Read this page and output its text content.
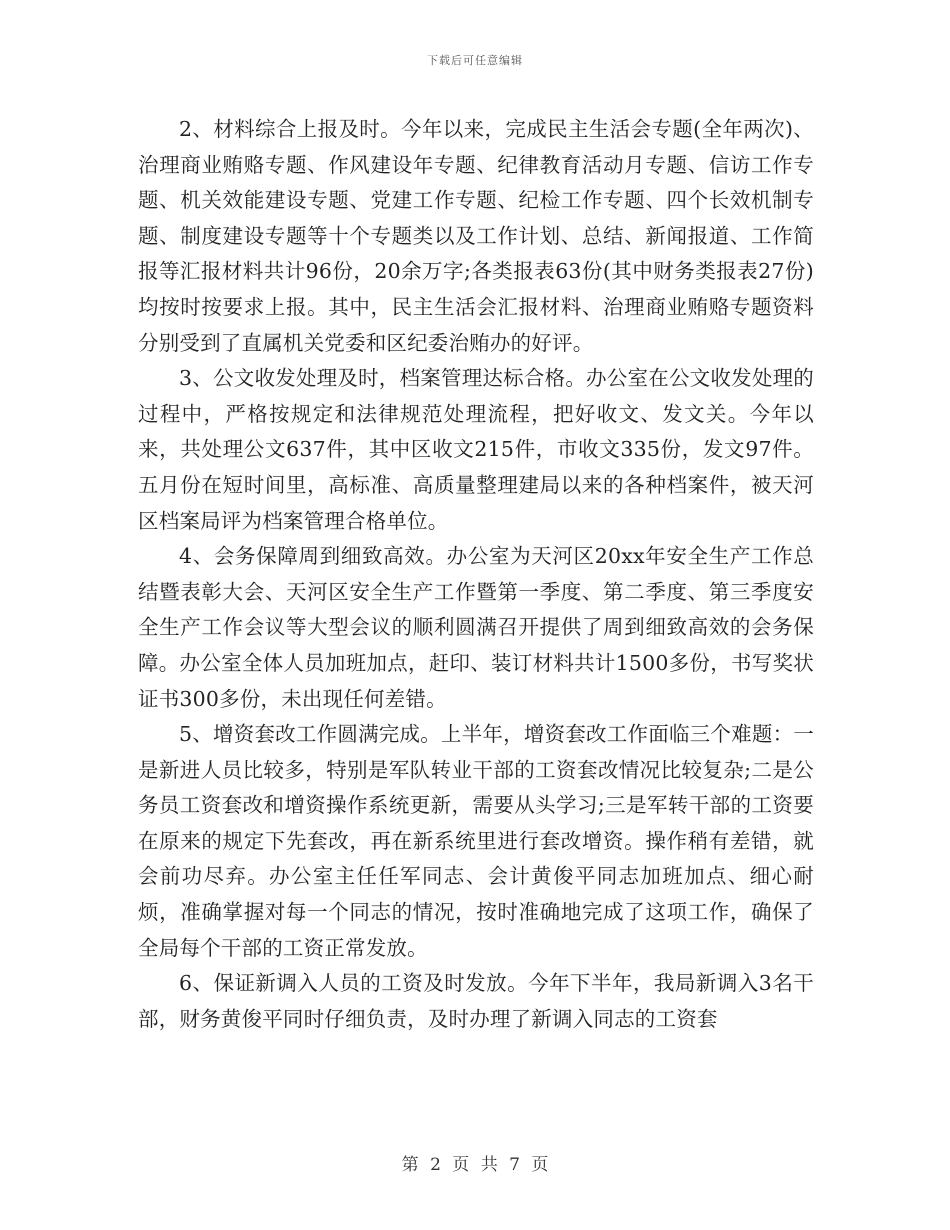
下载后可任意编辑

2、材料综合上报及时。今年以来，完成民主生活会专题(全年两次)、治理商业贿赂专题、作风建设年专题、纪律教育活动月专题、信访工作专题、机关效能建设专题、党建工作专题、纪检工作专题、四个长效机制专题、制度建设专题等十个专题类以及工作计划、总结、新闻报道、工作简报等汇报材料共计96份，20余万字;各类报表63份(其中财务类报表27份)均按时按要求上报。其中，民主生活会汇报材料、治理商业贿赂专题资料分别受到了直属机关党委和区纪委治贿办的好评。

3、公文收发处理及时，档案管理达标合格。办公室在公文收发处理的过程中，严格按规定和法律规范处理流程，把好收文、发文关。今年以来，共处理公文637件，其中区收文215件，市收文335份，发文97件。五月份在短时间里，高标准、高质量整理建局以来的各种档案件，被天河区档案局评为档案管理合格单位。

4、会务保障周到细致高效。办公室为天河区20xx年安全生产工作总结暨表彰大会、天河区安全生产工作暨第一季度、第二季度、第三季度安全生产工作会议等大型会议的顺利圆满召开提供了周到细致高效的会务保障。办公室全体人员加班加点，赶印、装订材料共计1500多份，书写奖状证书300多份，未出现任何差错。

5、增资套改工作圆满完成。上半年，增资套改工作面临三个难题：一是新进人员比较多，特别是军队转业干部的工资套改情况比较复杂;二是公务员工资套改和增资操作系统更新，需要从头学习;三是军转干部的工资要在原来的规定下先套改，再在新系统里进行套改增资。操作稍有差错，就会前功尽弃。办公室主任任军同志、会计黄俊平同志加班加点、细心耐烦，准确掌握对每一个同志的情况，按时准确地完成了这项工作，确保了全局每个干部的工资正常发放。

6、保证新调入人员的工资及时发放。今年下半年，我局新调入3名干部，财务黄俊平同时仔细负责，及时办理了新调入同志的工资套

第 2 页 共 7 页
